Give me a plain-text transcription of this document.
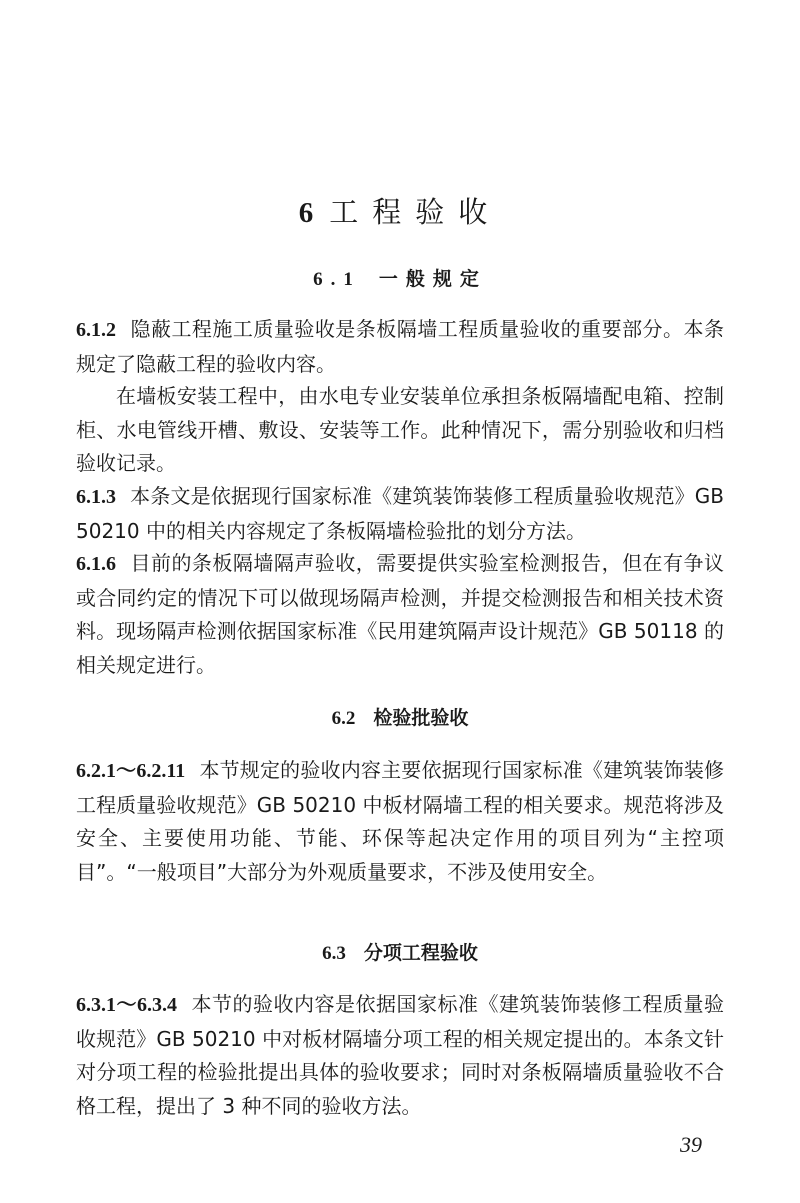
6 工程验收
6.1 一般规定
6.1.2 隐蔽工程施工质量验收是条板隔墙工程质量验收的重要部分。本条规定了隐蔽工程的验收内容。
在墙板安装工程中，由水电专业安装单位承担条板隔墙配电箱、控制柜、水电管线开槽、敷设、安装等工作。此种情况下，需分别验收和归档验收记录。
6.1.3 本条文是依据现行国家标准《建筑装饰装修工程质量验收规范》GB 50210 中的相关内容规定了条板隔墙检验批的划分方法。
6.1.6 目前的条板隔墙隔声验收，需要提供实验室检测报告，但在有争议或合同约定的情况下可以做现场隔声检测，并提交检测报告和相关技术资料。现场隔声检测依据国家标准《民用建筑隔声设计规范》GB 50118 的相关规定进行。
6.2 检验批验收
6.2.1～6.2.11 本节规定的验收内容主要依据现行国家标准《建筑装饰装修工程质量验收规范》GB 50210 中板材隔墙工程的相关要求。规范将涉及安全、主要使用功能、节能、环保等起决定作用的项目列为“主控项目”。“一般项目”大部分为外观质量要求，不涉及使用安全。
6.3 分项工程验收
6.3.1～6.3.4 本节的验收内容是依据国家标准《建筑装饰装修工程质量验收规范》GB 50210 中对板材隔墙分项工程的相关规定提出的。本条文针对分项工程的检验批提出具体的验收要求；同时对条板隔墙质量验收不合格工程，提出了 3 种不同的验收方法。
39
